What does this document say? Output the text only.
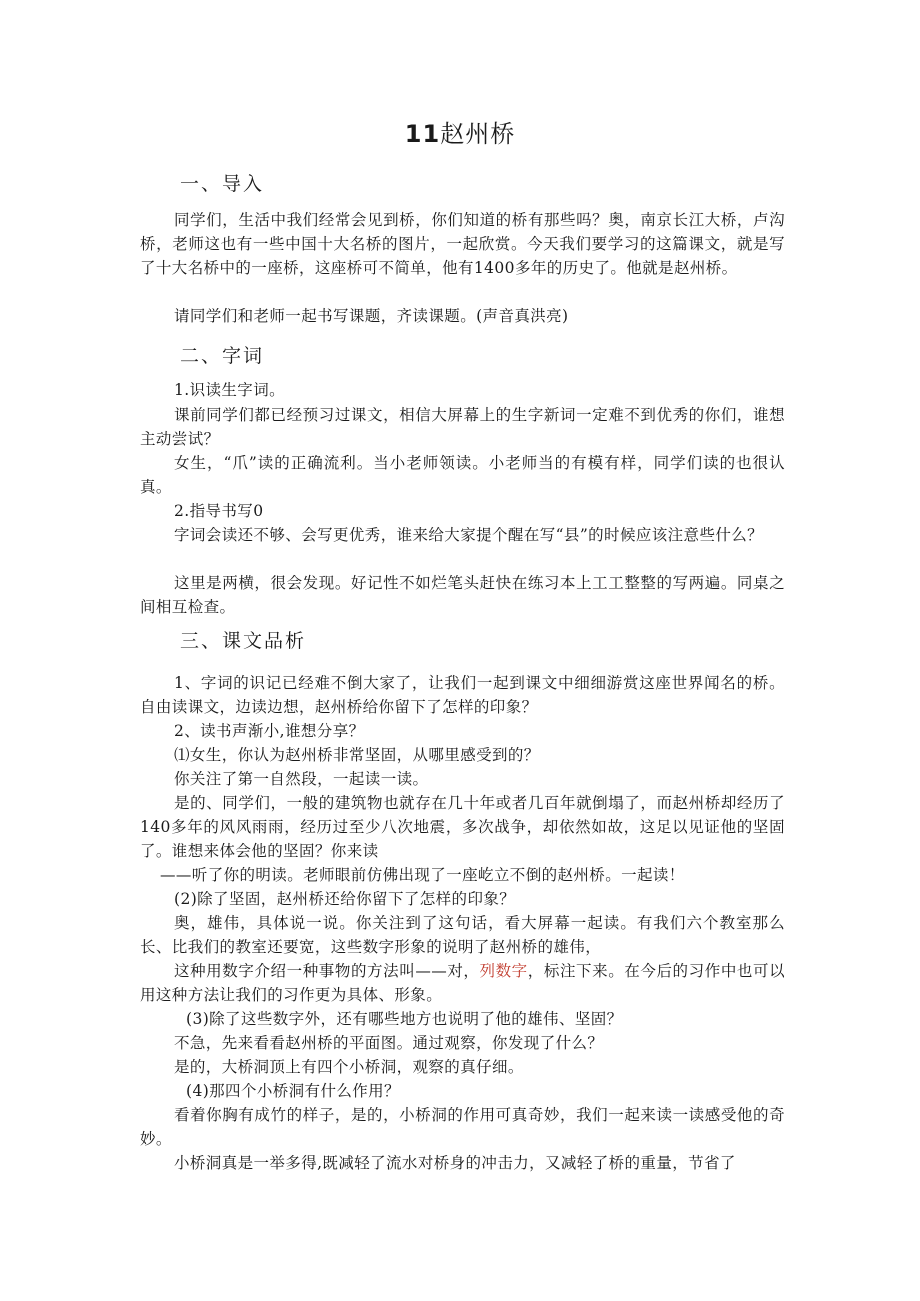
11赵州桥
一、导入
同学们，生活中我们经常会见到桥，你们知道的桥有那些吗？奥，南京长江大桥，卢沟桥，老师这也有一些中国十大名桥的图片，一起欣赏。今天我们要学习的这篇课文，就是写了十大名桥中的一座桥，这座桥可不简单，他有1400多年的历史了。他就是赵州桥。
请同学们和老师一起书写课题，齐读课题。(声音真洪亮)
二、字词
1.识读生字词。
课前同学们都已经预习过课文，相信大屏幕上的生字新词一定难不到优秀的你们，谁想主动尝试？
女生，“爪”读的正确流利。当小老师领读。小老师当的有模有样，同学们读的也很认真。
2.指导书写0
字词会读还不够、会写更优秀，谁来给大家提个醒在写“县”的时候应该注意些什么？
这里是两横，很会发现。好记性不如烂笔头赶快在练习本上工工整整的写两遍。同桌之间相互检查。
三、课文品析
1、字词的识记已经难不倒大家了，让我们一起到课文中细细游赏这座世界闻名的桥。自由读课文，边读边想，赵州桥给你留下了怎样的印象？
2、读书声渐小,谁想分享？
⑴女生，你认为赵州桥非常坚固，从哪里感受到的？
你关注了第一自然段，一起读一读。
是的、同学们，一般的建筑物也就存在几十年或者几百年就倒塌了，而赵州桥却经历了140多年的风风雨雨，经历过至少八次地震，多次战争，却依然如故，这足以见证他的坚固了。谁想来体会他的坚固？你来读
——听了你的明读。老师眼前仿佛出现了一座屹立不倒的赵州桥。一起读！
(2)除了坚固，赵州桥还给你留下了怎样的印象？
奥，雄伟，具体说一说。你关注到了这句话，看大屏幕一起读。有我们六个教室那么长、比我们的教室还要宽，这些数字形象的说明了赵州桥的雄伟，
这种用数字介绍一种事物的方法叫——对，列数字，标注下来。在今后的习作中也可以用这种方法让我们的习作更为具体、形象。
(3)除了这些数字外，还有哪些地方也说明了他的雄伟、坚固？
不急，先来看看赵州桥的平面图。通过观察，你发现了什么？
是的，大桥洞顶上有四个小桥洞，观察的真仔细。
(4)那四个小桥洞有什么作用？
看着你胸有成竹的样子，是的，小桥洞的作用可真奇妙，我们一起来读一读感受他的奇妙。
小桥洞真是一举多得,既减轻了流水对桥身的冲击力，又减轻了桥的重量，节省了
